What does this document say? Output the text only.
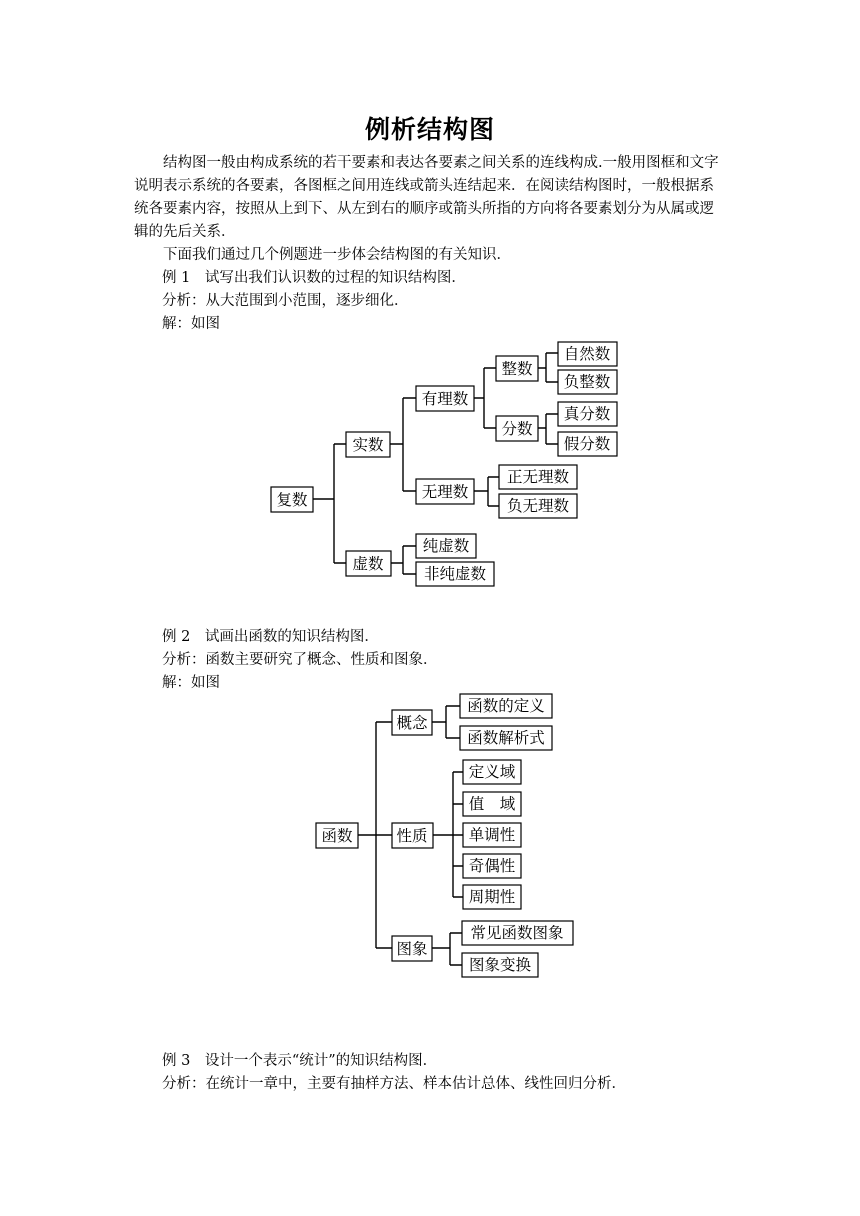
例析结构图
结构图一般由构成系统的若干要素和表达各要素之间关系的连线构成.一般用图框和文字说明表示系统的各要素，各图框之间用连线或箭头连结起来．在阅读结构图时，一般根据系统各要素内容，按照从上到下、从左到右的顺序或箭头所指的方向将各要素划分为从属或逻辑的先后关系．
下面我们通过几个例题进一步体会结构图的有关知识．
例 1　试写出我们认识数的过程的知识结构图．
分析：从大范围到小范围，逐步细化．
解：如图
复数
实数
虚数
有理数
无理数
整数
分数
自然数
负整数
真分数
假分数
正无理数
负无理数
纯虚数
非纯虚数
例 2　试画出函数的知识结构图．
分析：函数主要研究了概念、性质和图象．
解：如图
函数
概念
性质
图象
函数的定义
函数解析式
定义域
值　域
单调性
奇偶性
周期性
常见函数图象
图象变换
例 3　设计一个表示“统计”的知识结构图．
分析：在统计一章中，主要有抽样方法、样本估计总体、线性回归分析．
